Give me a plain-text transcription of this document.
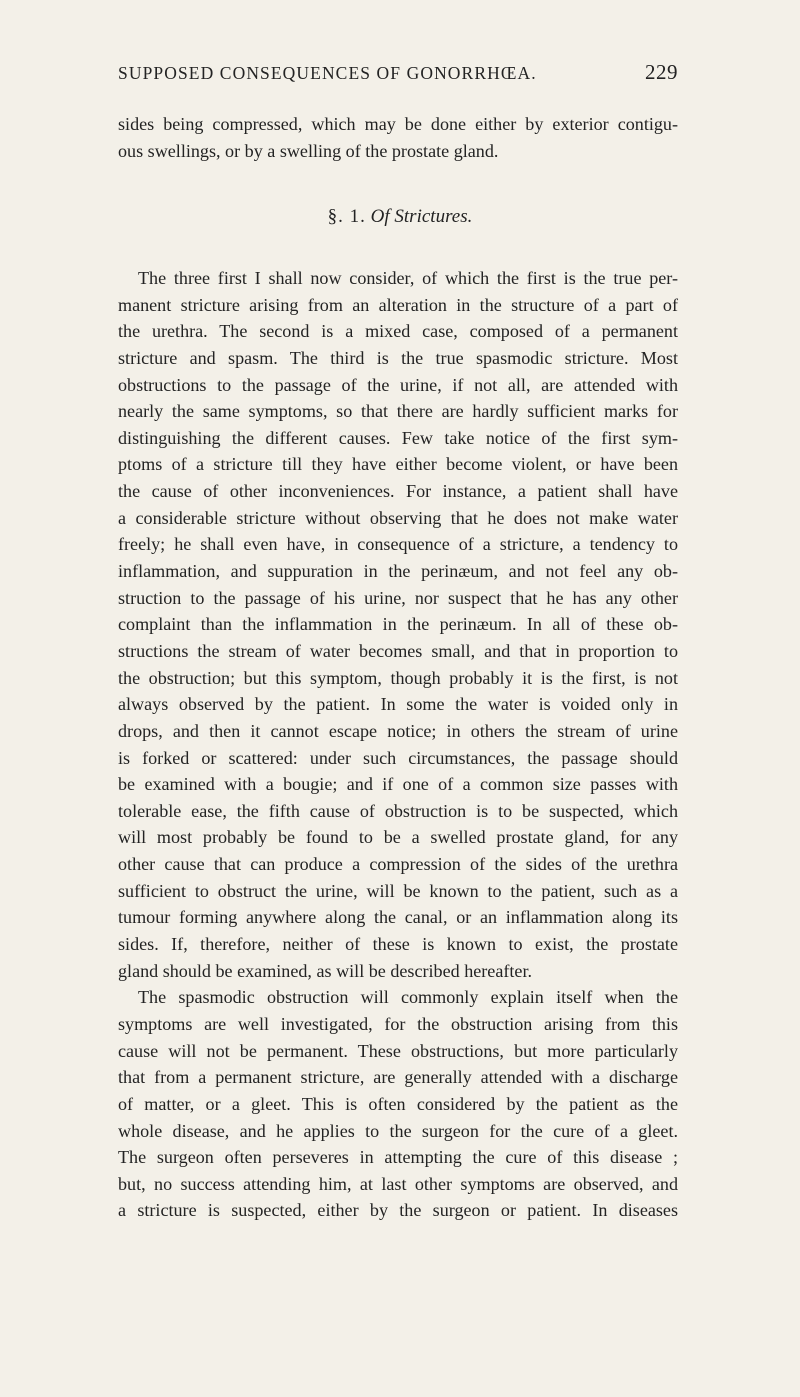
SUPPOSED CONSEQUENCES OF GONORRHŒA.	229
sides being compressed, which may be done either by exterior contigu-
ous swellings, or by a swelling of the prostate gland.
§. 1. Of Strictures.
The three first I shall now consider, of which the first is the true per-
manent stricture arising from an alteration in the structure of a part of
the urethra. The second is a mixed case, composed of a permanent
stricture and spasm. The third is the true spasmodic stricture. Most
obstructions to the passage of the urine, if not all, are attended with
nearly the same symptoms, so that there are hardly sufficient marks for
distinguishing the different causes. Few take notice of the first sym-
ptoms of a stricture till they have either become violent, or have been
the cause of other inconveniences. For instance, a patient shall have
a considerable stricture without observing that he does not make water
freely; he shall even have, in consequence of a stricture, a tendency to
inflammation, and suppuration in the perinæum, and not feel any ob-
struction to the passage of his urine, nor suspect that he has any other
complaint than the inflammation in the perinæum. In all of these ob-
structions the stream of water becomes small, and that in proportion to
the obstruction; but this symptom, though probably it is the first, is not
always observed by the patient. In some the water is voided only in
drops, and then it cannot escape notice; in others the stream of urine
is forked or scattered: under such circumstances, the passage should
be examined with a bougie; and if one of a common size passes with
tolerable ease, the fifth cause of obstruction is to be suspected, which
will most probably be found to be a swelled prostate gland, for any
other cause that can produce a compression of the sides of the urethra
sufficient to obstruct the urine, will be known to the patient, such as a
tumour forming anywhere along the canal, or an inflammation along its
sides. If, therefore, neither of these is known to exist, the prostate
gland should be examined, as will be described hereafter.
The spasmodic obstruction will commonly explain itself when the
symptoms are well investigated, for the obstruction arising from this
cause will not be permanent. These obstructions, but more particularly
that from a permanent stricture, are generally attended with a discharge
of matter, or a gleet. This is often considered by the patient as the
whole disease, and he applies to the surgeon for the cure of a gleet.
The surgeon often perseveres in attempting the cure of this disease ;
but, no success attending him, at last other symptoms are observed, and
a stricture is suspected, either by the surgeon or patient. In diseases
